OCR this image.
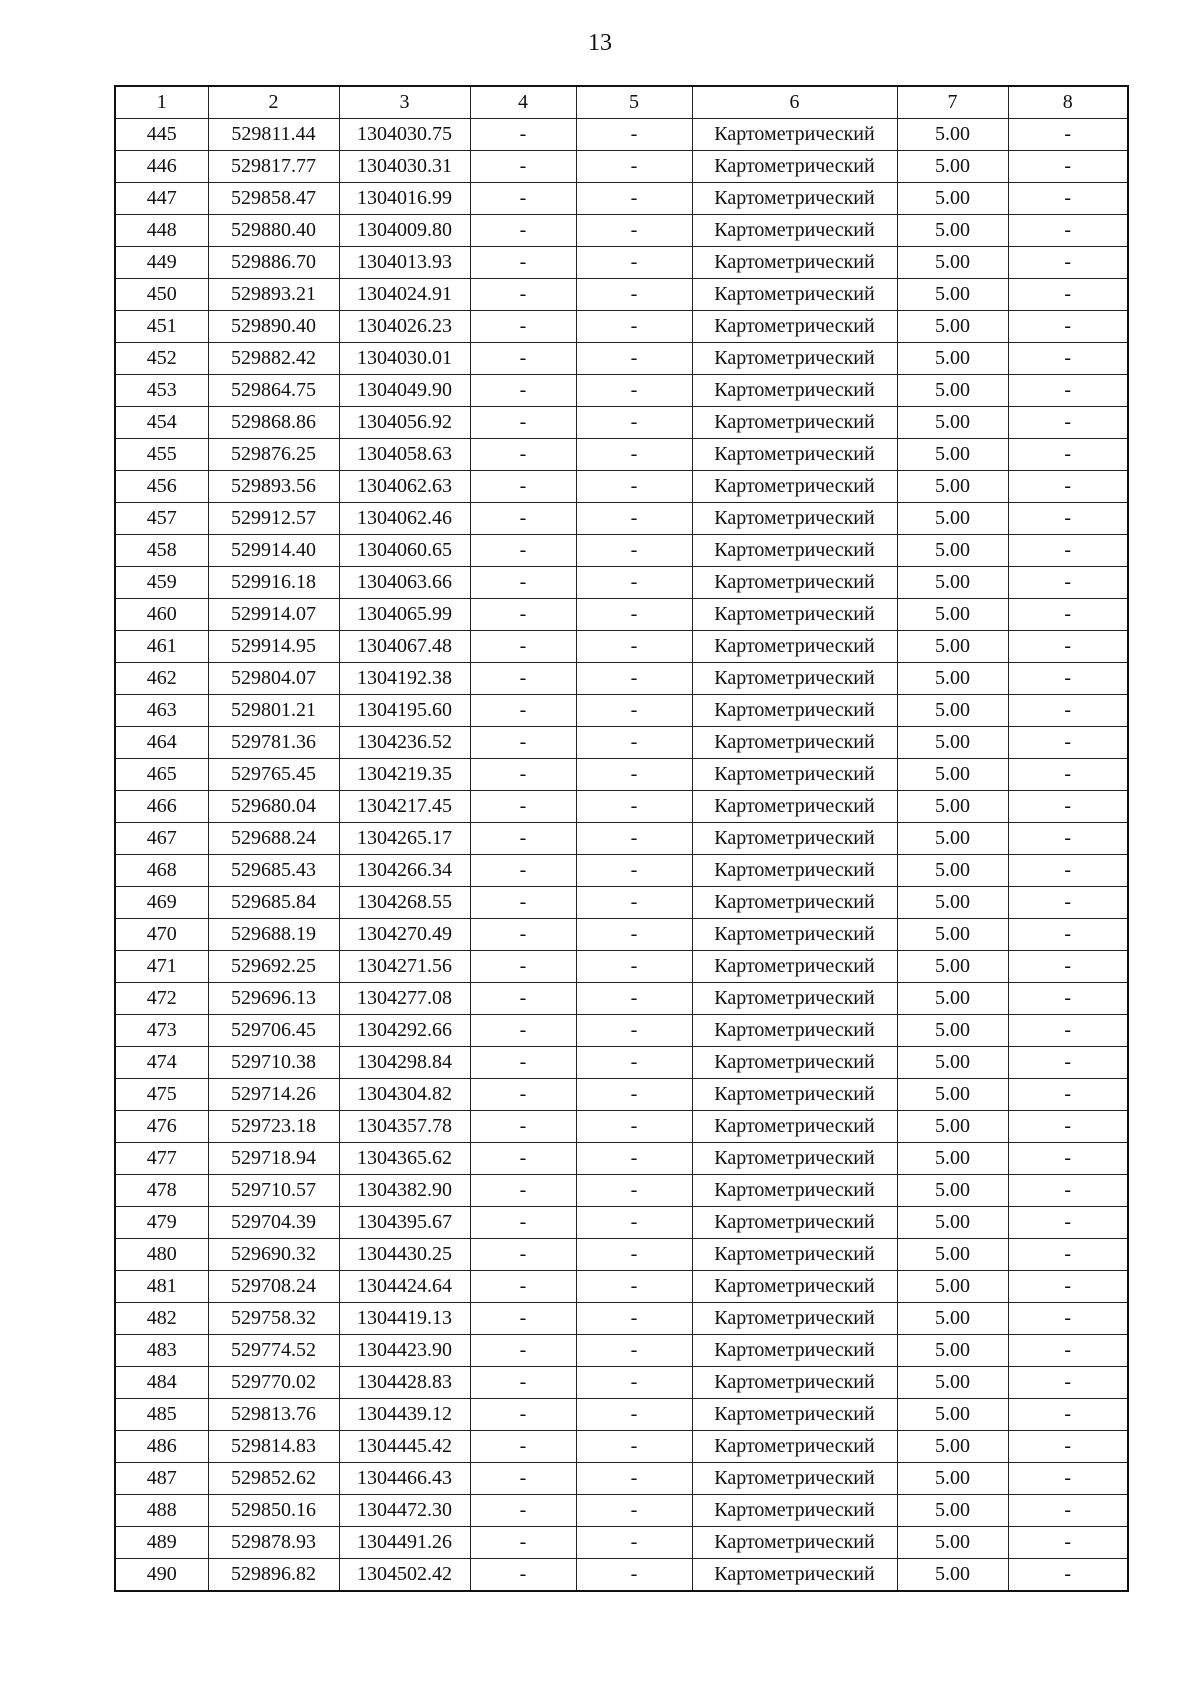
13
1	2	3	4	5	6	7	8
445	529811.44	1304030.75	-	-	Картометрический	5.00	-
446	529817.77	1304030.31	-	-	Картометрический	5.00	-
447	529858.47	1304016.99	-	-	Картометрический	5.00	-
448	529880.40	1304009.80	-	-	Картометрический	5.00	-
449	529886.70	1304013.93	-	-	Картометрический	5.00	-
450	529893.21	1304024.91	-	-	Картометрический	5.00	-
451	529890.40	1304026.23	-	-	Картометрический	5.00	-
452	529882.42	1304030.01	-	-	Картометрический	5.00	-
453	529864.75	1304049.90	-	-	Картометрический	5.00	-
454	529868.86	1304056.92	-	-	Картометрический	5.00	-
455	529876.25	1304058.63	-	-	Картометрический	5.00	-
456	529893.56	1304062.63	-	-	Картометрический	5.00	-
457	529912.57	1304062.46	-	-	Картометрический	5.00	-
458	529914.40	1304060.65	-	-	Картометрический	5.00	-
459	529916.18	1304063.66	-	-	Картометрический	5.00	-
460	529914.07	1304065.99	-	-	Картометрический	5.00	-
461	529914.95	1304067.48	-	-	Картометрический	5.00	-
462	529804.07	1304192.38	-	-	Картометрический	5.00	-
463	529801.21	1304195.60	-	-	Картометрический	5.00	-
464	529781.36	1304236.52	-	-	Картометрический	5.00	-
465	529765.45	1304219.35	-	-	Картометрический	5.00	-
466	529680.04	1304217.45	-	-	Картометрический	5.00	-
467	529688.24	1304265.17	-	-	Картометрический	5.00	-
468	529685.43	1304266.34	-	-	Картометрический	5.00	-
469	529685.84	1304268.55	-	-	Картометрический	5.00	-
470	529688.19	1304270.49	-	-	Картометрический	5.00	-
471	529692.25	1304271.56	-	-	Картометрический	5.00	-
472	529696.13	1304277.08	-	-	Картометрический	5.00	-
473	529706.45	1304292.66	-	-	Картометрический	5.00	-
474	529710.38	1304298.84	-	-	Картометрический	5.00	-
475	529714.26	1304304.82	-	-	Картометрический	5.00	-
476	529723.18	1304357.78	-	-	Картометрический	5.00	-
477	529718.94	1304365.62	-	-	Картометрический	5.00	-
478	529710.57	1304382.90	-	-	Картометрический	5.00	-
479	529704.39	1304395.67	-	-	Картометрический	5.00	-
480	529690.32	1304430.25	-	-	Картометрический	5.00	-
481	529708.24	1304424.64	-	-	Картометрический	5.00	-
482	529758.32	1304419.13	-	-	Картометрический	5.00	-
483	529774.52	1304423.90	-	-	Картометрический	5.00	-
484	529770.02	1304428.83	-	-	Картометрический	5.00	-
485	529813.76	1304439.12	-	-	Картометрический	5.00	-
486	529814.83	1304445.42	-	-	Картометрический	5.00	-
487	529852.62	1304466.43	-	-	Картометрический	5.00	-
488	529850.16	1304472.30	-	-	Картометрический	5.00	-
489	529878.93	1304491.26	-	-	Картометрический	5.00	-
490	529896.82	1304502.42	-	-	Картометрический	5.00	-
